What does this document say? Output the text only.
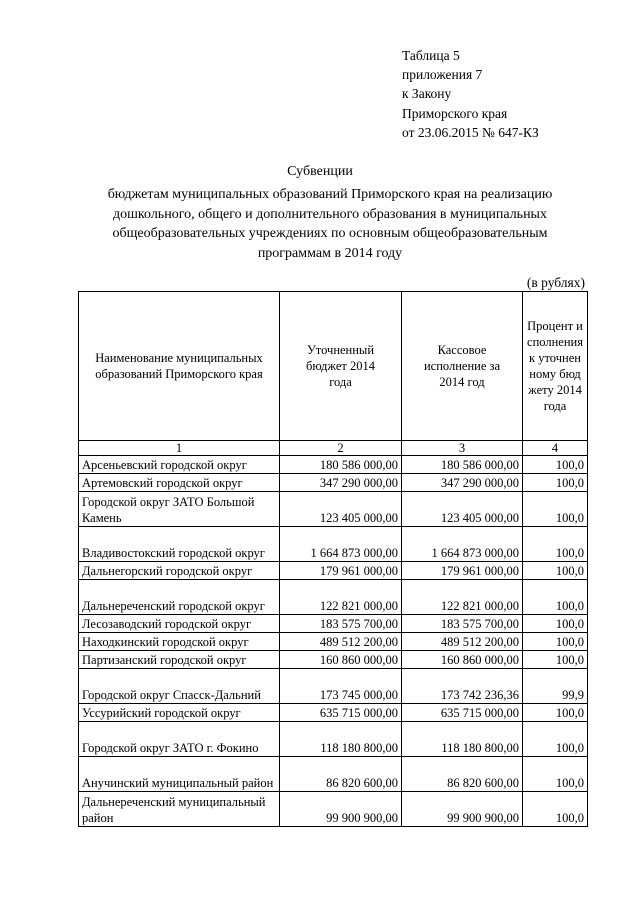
Таблица 5
приложения 7
к Закону
Приморского края
от 23.06.2015 № 647-КЗ
Субвенции
бюджетам муниципальных образований Приморского края на реализацию
дошкольного, общего и дополнительного образования в муниципальных
общеобразовательных учреждениях по основным общеобразовательным
программам в 2014 году
(в рублях)
Наименование муниципальных образований Приморского края	Уточненный бюджет 2014 года	Кассовое исполнение за 2014 год	Процент исполнения к уточненному бюджету 2014 года
1	2	3	4
Арсеньевский городской округ	180 586 000,00	180 586 000,00	100,0
Артемовский городской округ	347 290 000,00	347 290 000,00	100,0
Городской округ ЗАТО Большой Камень	123 405 000,00	123 405 000,00	100,0
Владивостокский городской округ	1 664 873 000,00	1 664 873 000,00	100,0
Дальнегорский городской округ	179 961 000,00	179 961 000,00	100,0
Дальнереченский городской округ	122 821 000,00	122 821 000,00	100,0
Лесозаводский городской округ	183 575 700,00	183 575 700,00	100,0
Находкинский городской округ	489 512 200,00	489 512 200,00	100,0
Партизанский городской округ	160 860 000,00	160 860 000,00	100,0
Городской округ Спасск-Дальний	173 745 000,00	173 742 236,36	99,9
Уссурийский городской округ	635 715 000,00	635 715 000,00	100,0
Городской округ ЗАТО г. Фокино	118 180 800,00	118 180 800,00	100,0
Анучинский муниципальный район	86 820 600,00	86 820 600,00	100,0
Дальнереченский муниципальный район	99 900 900,00	99 900 900,00	100,0
